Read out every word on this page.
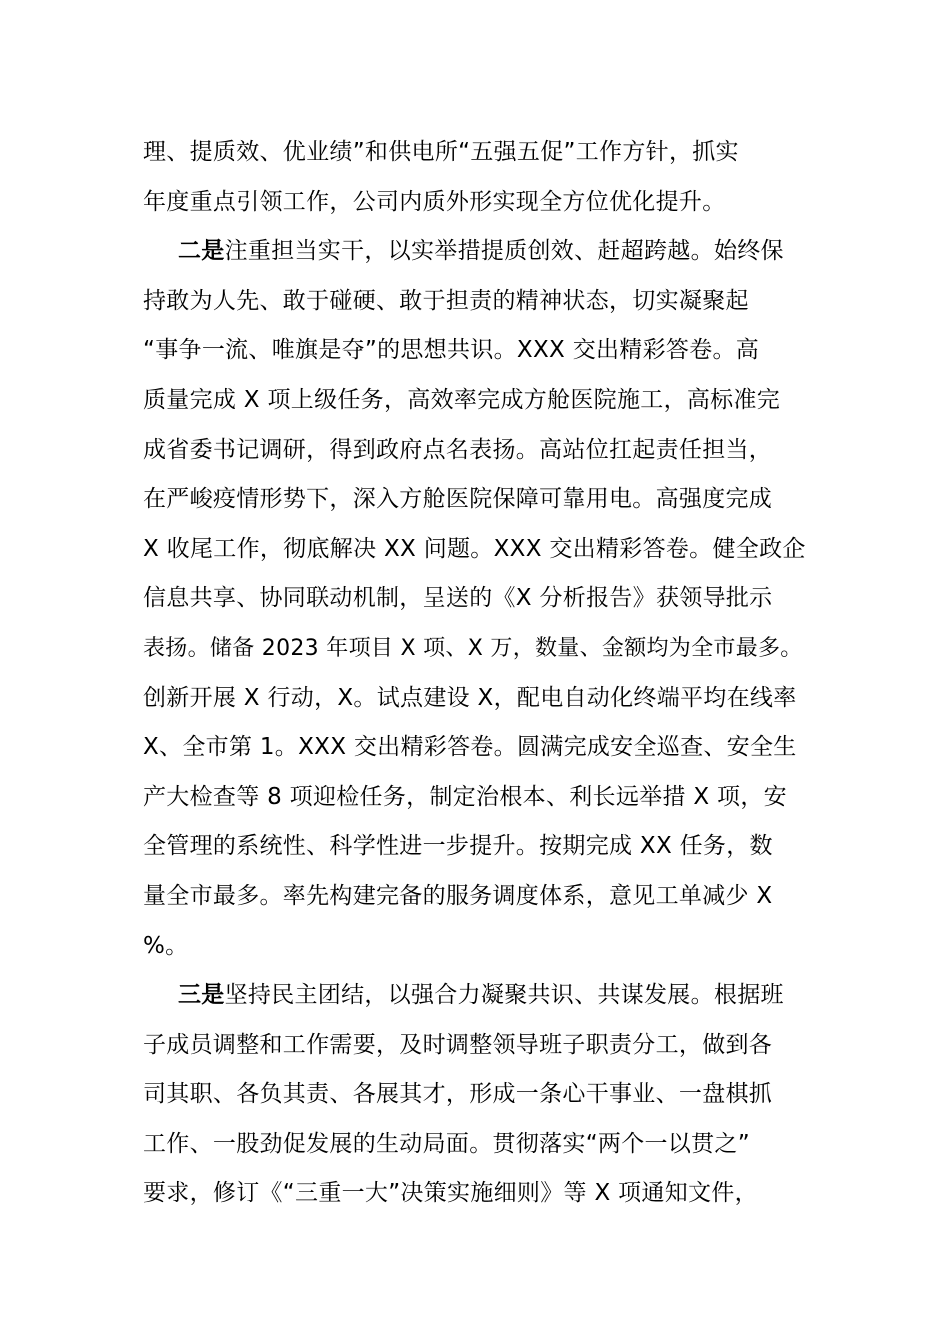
理、提质效、优业绩”和供电所“五强五促”工作方针，抓实
年度重点引领工作，公司内质外形实现全方位优化提升。
二是注重担当实干，以实举措提质创效、赶超跨越。始终保
持敢为人先、敢于碰硬、敢于担责的精神状态，切实凝聚起
“事争一流、唯旗是夺”的思想共识。XXX 交出精彩答卷。高
质量完成 X 项上级任务，高效率完成方舱医院施工，高标准完
成省委书记调研，得到政府点名表扬。高站位扛起责任担当，
在严峻疫情形势下，深入方舱医院保障可靠用电。高强度完成
X 收尾工作，彻底解决 XX 问题。XXX 交出精彩答卷。健全政企
信息共享、协同联动机制，呈送的《X 分析报告》获领导批示
表扬。储备 2023 年项目 X 项、X 万，数量、金额均为全市最多。
创新开展 X 行动，X。试点建设 X，配电自动化终端平均在线率
X、全市第 1。XXX 交出精彩答卷。圆满完成安全巡查、安全生
产大检查等 8 项迎检任务，制定治根本、利长远举措 X 项，安
全管理的系统性、科学性进一步提升。按期完成 XX 任务，数
量全市最多。率先构建完备的服务调度体系，意见工单减少 X
%。
三是坚持民主团结，以强合力凝聚共识、共谋发展。根据班
子成员调整和工作需要，及时调整领导班子职责分工，做到各
司其职、各负其责、各展其才，形成一条心干事业、一盘棋抓
工作、一股劲促发展的生动局面。贯彻落实“两个一以贯之”
要求，修订《“三重一大”决策实施细则》等 X 项通知文件，
